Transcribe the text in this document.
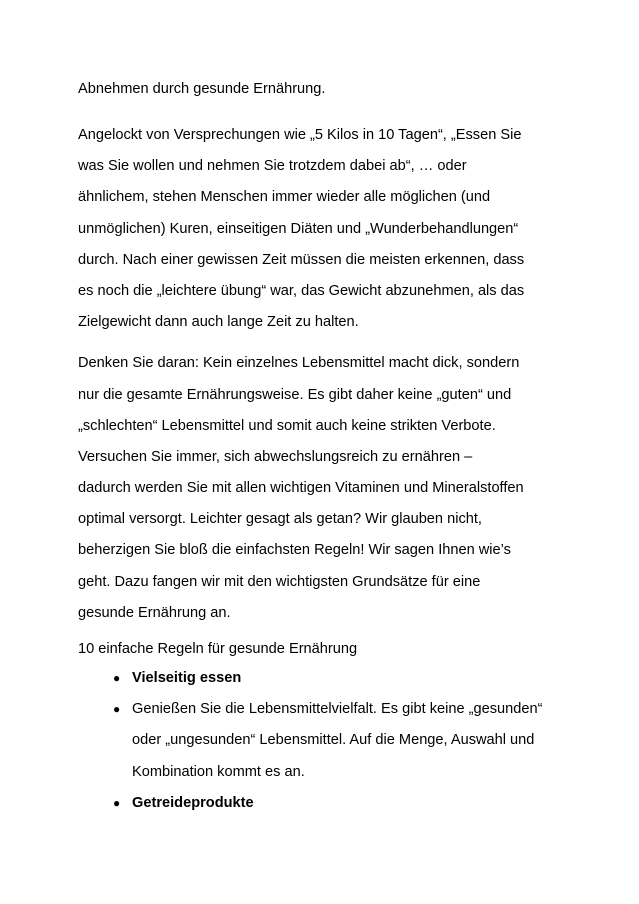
Abnehmen durch gesunde Ernährung.
Angelockt von Versprechungen wie „5 Kilos in 10 Tagen“, „Essen Sie
was Sie wollen und nehmen Sie trotzdem dabei ab“, … oder
ähnlichem, stehen Menschen immer wieder alle möglichen (und
unmöglichen) Kuren, einseitigen Diäten und „Wunderbehandlungen“
durch. Nach einer gewissen Zeit müssen die meisten erkennen, dass
es noch die „leichtere übung“ war, das Gewicht abzunehmen, als das
Zielgewicht dann auch lange Zeit zu halten.
Denken Sie daran: Kein einzelnes Lebensmittel macht dick, sondern
nur die gesamte Ernährungsweise. Es gibt daher keine „guten“ und
„schlechten“ Lebensmittel und somit auch keine strikten Verbote.
Versuchen Sie immer, sich abwechslungsreich zu ernähren –
dadurch werden Sie mit allen wichtigen Vitaminen und Mineralstoffen
optimal versorgt. Leichter gesagt als getan? Wir glauben nicht,
beherzigen Sie bloß die einfachsten Regeln! Wir sagen Ihnen wie’s
geht. Dazu fangen wir mit den wichtigsten Grundsätze für eine
gesunde Ernährung an.
10 einfache Regeln für gesunde Ernährung
● Vielseitig essen
● Genießen Sie die Lebensmittelvielfalt. Es gibt keine „gesunden“
oder „ungesunden“ Lebensmittel. Auf die Menge, Auswahl und
Kombination kommt es an.
● Getreideprodukte
